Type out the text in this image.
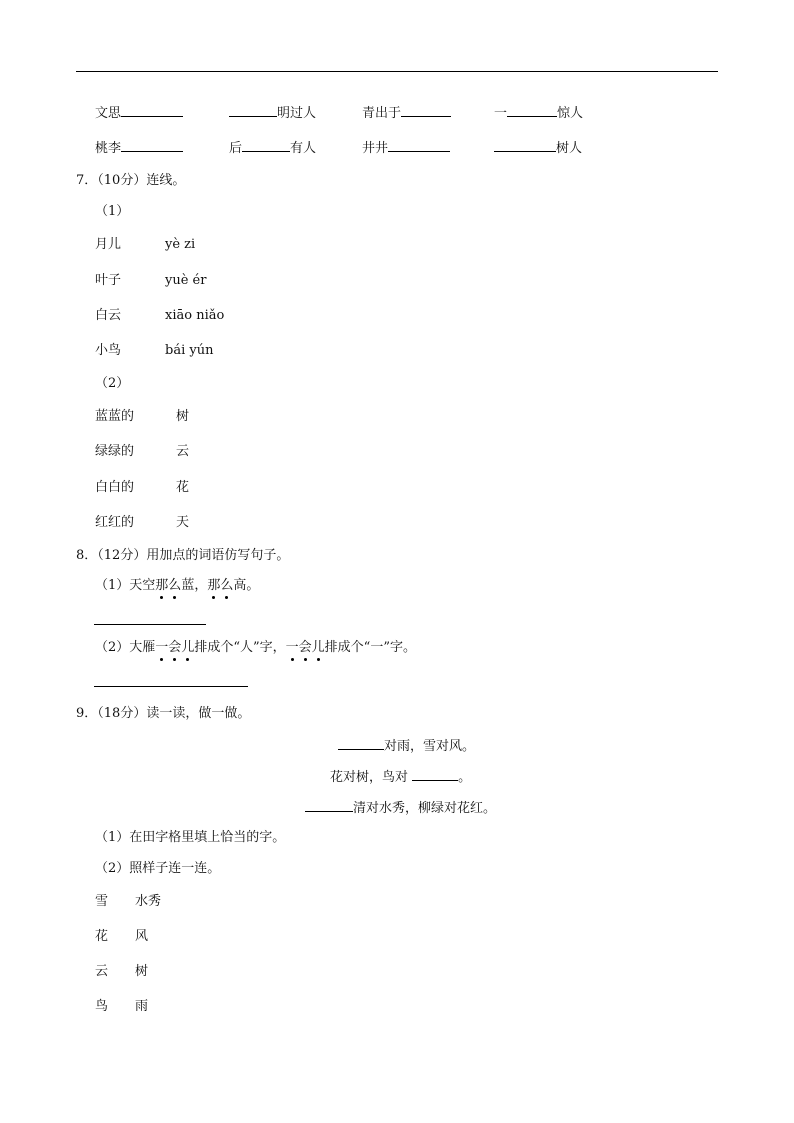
文思	明过人	青出于	一	惊人
桃李	后	有人	井井	树人
7．（10分）连线。
（1）
月儿	yè zi
叶子	yuè ér
白云	xiāo niǎo
小鸟	bái yún
（2）
蓝蓝的	树
绿绿的	云
白白的	花
红红的	天
8．（12分）用加点的词语仿写句子。
（1）天空那么蓝，那么高。
（2）大雁一会儿排成个“人”字，一会儿排成个“一”字。
9．（18分）读一读，做一做。
对雨，雪对风。
花对树，鸟对	。
清对水秀，柳绿对花红。
（1）在田字格里填上恰当的字。
（2）照样子连一连。
雪 水秀
花 风
云 树
鸟 雨
